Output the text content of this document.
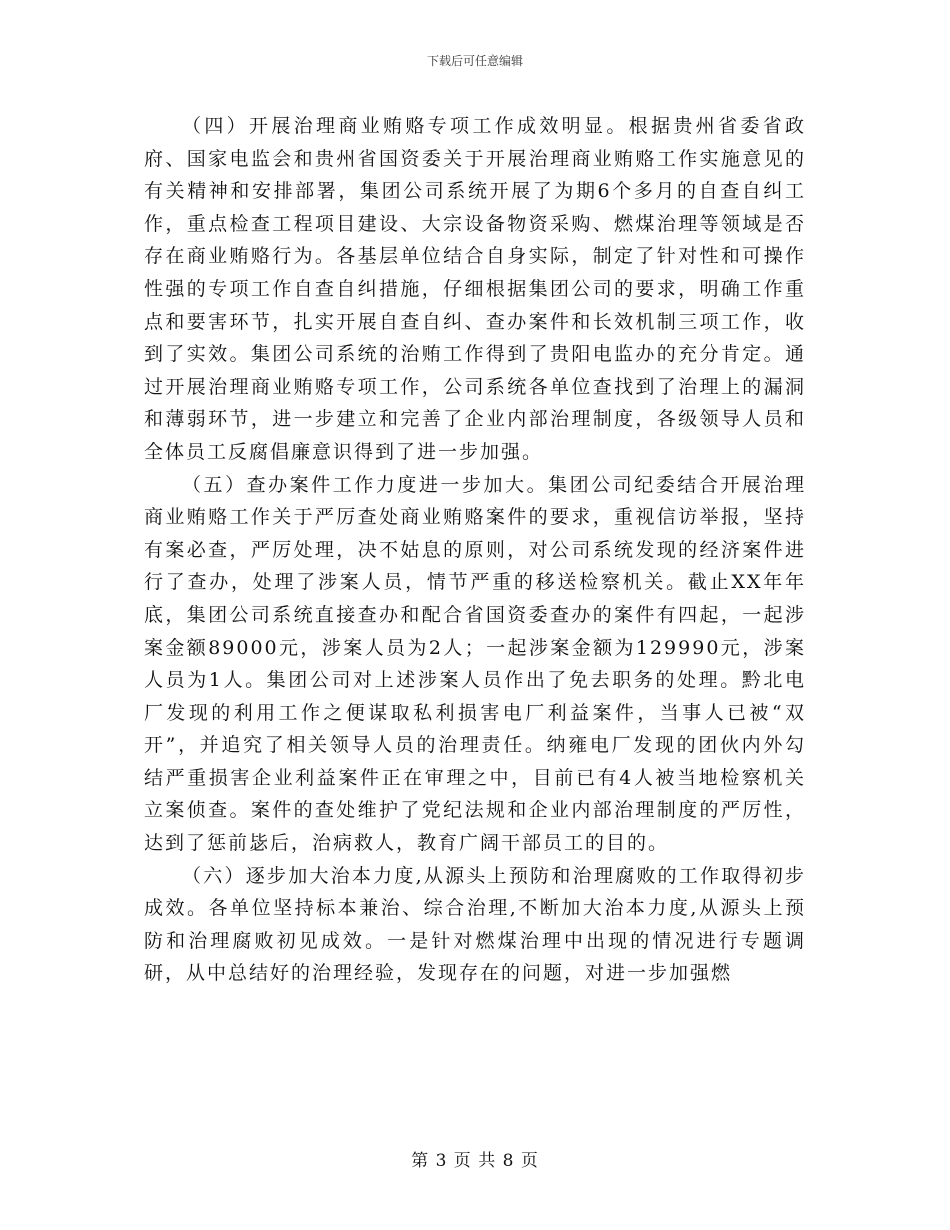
下载后可任意编辑

（四）开展治理商业贿赂专项工作成效明显。根据贵州省委省政府、国家电监会和贵州省国资委关于开展治理商业贿赂工作实施意见的有关精神和安排部署，集团公司系统开展了为期6个多月的自查自纠工作，重点检查工程项目建设、大宗设备物资采购、燃煤治理等领域是否存在商业贿赂行为。各基层单位结合自身实际，制定了针对性和可操作性强的专项工作自查自纠措施，仔细根据集团公司的要求，明确工作重点和要害环节，扎实开展自查自纠、查办案件和长效机制三项工作，收到了实效。集团公司系统的治贿工作得到了贵阳电监办的充分肯定。通过开展治理商业贿赂专项工作，公司系统各单位查找到了治理上的漏洞和薄弱环节，进一步建立和完善了企业内部治理制度，各级领导人员和全体员工反腐倡廉意识得到了进一步加强。

（五）查办案件工作力度进一步加大。集团公司纪委结合开展治理商业贿赂工作关于严厉查处商业贿赂案件的要求，重视信访举报，坚持有案必查，严厉处理，决不姑息的原则，对公司系统发现的经济案件进行了查办，处理了涉案人员，情节严重的移送检察机关。截止XX年年底，集团公司系统直接查办和配合省国资委查办的案件有四起，一起涉案金额89000元，涉案人员为2人；一起涉案金额为129990元，涉案人员为1人。集团公司对上述涉案人员作出了免去职务的处理。黔北电厂发现的利用工作之便谋取私利损害电厂利益案件，当事人已被“双开”，并追究了相关领导人员的治理责任。纳雍电厂发现的团伙内外勾结严重损害企业利益案件正在审理之中，目前已有4人被当地检察机关立案侦查。案件的查处维护了党纪法规和企业内部治理制度的严厉性，达到了惩前毖后，治病救人，教育广阔干部员工的目的。

（六）逐步加大治本力度,从源头上预防和治理腐败的工作取得初步成效。各单位坚持标本兼治、综合治理,不断加大治本力度,从源头上预防和治理腐败初见成效。一是针对燃煤治理中出现的情况进行专题调研，从中总结好的治理经验，发现存在的问题，对进一步加强燃

第 3 页 共 8 页
